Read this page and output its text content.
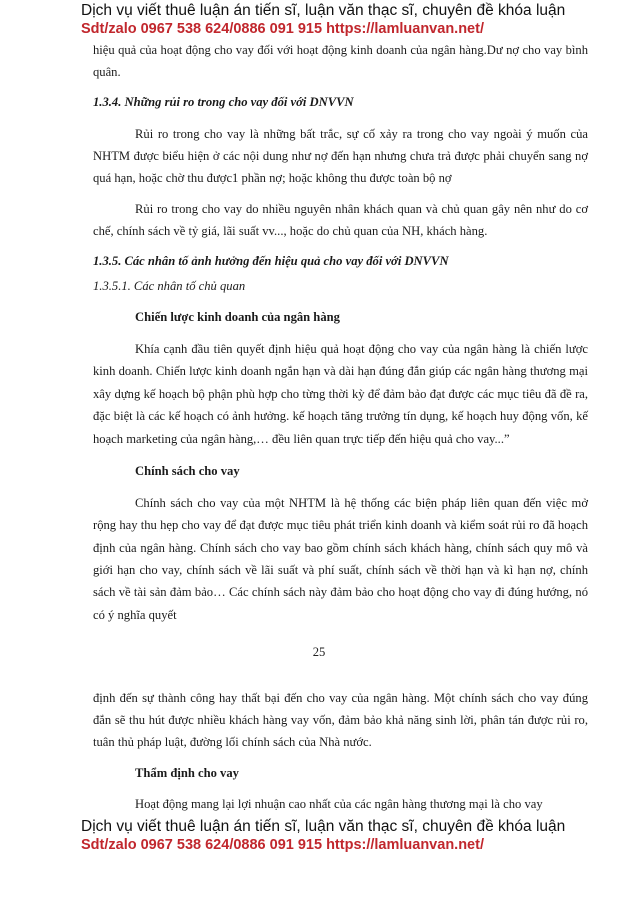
Dịch vụ viết thuê luận án tiến sĩ, luận văn thạc sĩ, chuyên đề khóa luận
Sdt/zalo 0967 538 624/0886 091 915 https://lamluanvan.net/

hiệu quả của hoạt động cho vay đối với hoạt động kinh doanh của ngân hàng.Dư nợ cho vay bình quân.

1.3.4. Những rủi ro trong cho vay đối với DNVVN

Rủi ro trong cho vay là những bất trắc, sự cố xảy ra trong cho vay ngoài ý muốn của NHTM được biểu hiện ở các nội dung như nợ đến hạn nhưng chưa trả được phải chuyển sang nợ quá hạn, hoặc chờ thu được1 phần nợ; hoặc không thu được toàn bộ nợ

Rủi ro trong cho vay do nhiều nguyên nhân khách quan và chủ quan gây nên như do cơ chế, chính sách về tỷ giá, lãi suất vv..., hoặc do chủ quan của NH, khách hàng.

1.3.5. Các nhân tố ảnh hưởng đến hiệu quả cho vay đối với DNVVN

1.3.5.1. Các nhân tố chủ quan

Chiến lược kinh doanh của ngân hàng

Khía cạnh đầu tiên quyết định hiệu quả hoạt động cho vay của ngân hàng là chiến lược kinh doanh. Chiến lược kinh doanh ngắn hạn và dài hạn đúng đắn giúp các ngân hàng thương mại xây dựng kế hoạch bộ phận phù hợp cho từng thời kỳ để đảm bảo đạt được các mục tiêu đã đề ra, đặc biệt là các kế hoạch có ảnh hưởng. kế hoạch tăng trưởng tín dụng, kế hoạch huy động vốn, kế hoạch marketing của ngân hàng,… đều liên quan trực tiếp đến hiệu quả cho vay...”

Chính sách cho vay

Chính sách cho vay của một NHTM là hệ thống các biện pháp liên quan đến việc mở rộng hay thu hẹp cho vay để đạt được mục tiêu phát triển kinh doanh và kiểm soát rủi ro đã hoạch định của ngân hàng. Chính sách cho vay bao gồm chính sách khách hàng, chính sách quy mô và giới hạn cho vay, chính sách về lãi suất và phí suất, chính sách về thời hạn và kì hạn nợ, chính sách về tài sản đảm bảo… Các chính sách này đảm bảo cho hoạt động cho vay đi đúng hướng, nó có ý nghĩa quyết

25

định đến sự thành công hay thất bại đến cho vay của ngân hàng. Một chính sách cho vay đúng đắn sẽ thu hút được nhiều khách hàng vay vốn, đảm bảo khả năng sinh lời, phân tán được rủi ro, tuân thủ pháp luật, đường lối chính sách của Nhà nước.

Thẩm định cho vay

Hoạt động mang lại lợi nhuận cao nhất của các ngân hàng thương mại là cho vay

Dịch vụ viết thuê luận án tiến sĩ, luận văn thạc sĩ, chuyên đề khóa luận
Sdt/zalo 0967 538 624/0886 091 915 https://lamluanvan.net/
